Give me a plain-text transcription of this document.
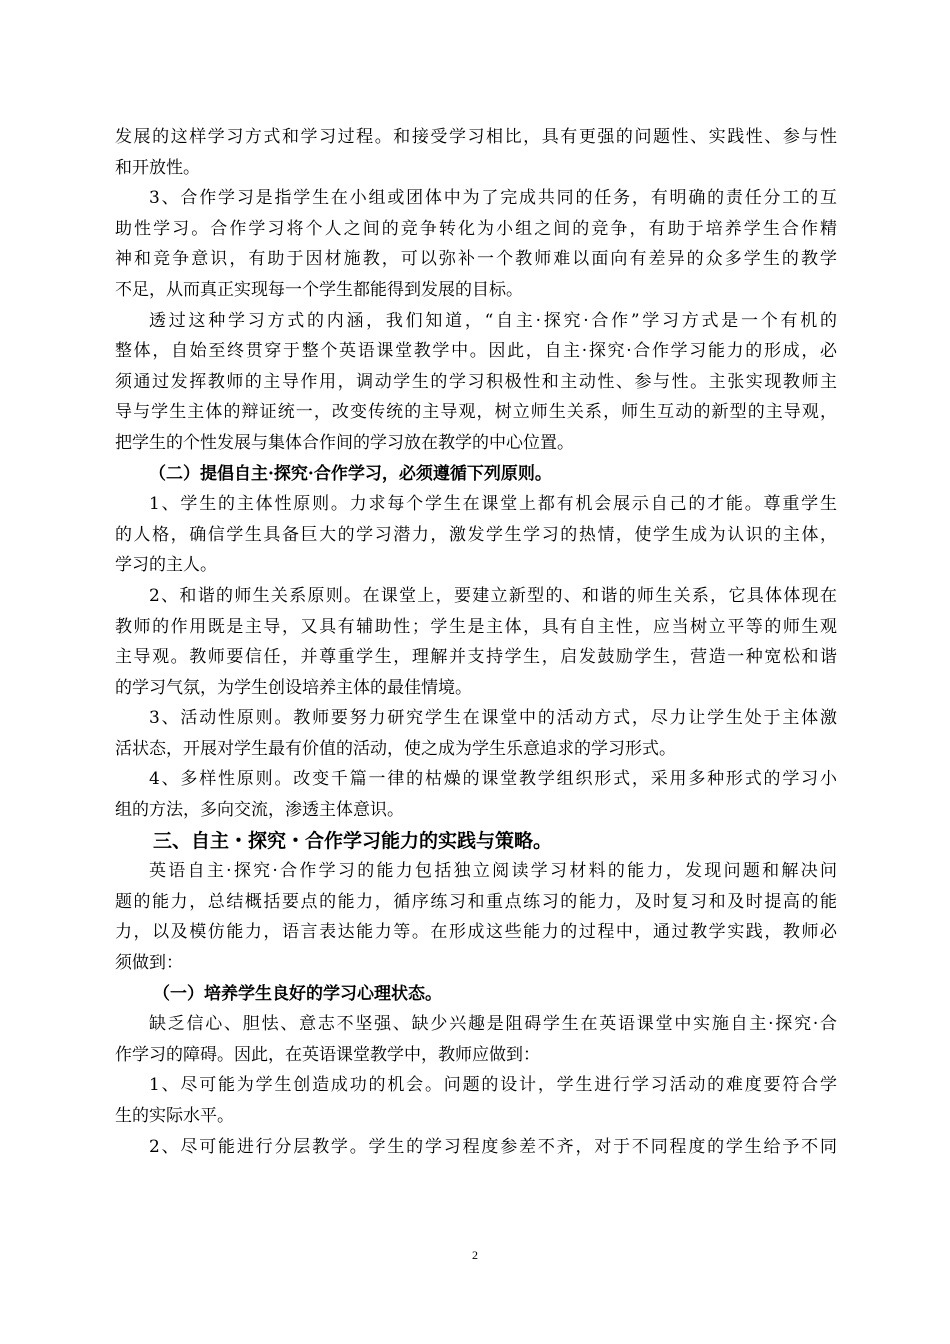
发展的这样学习方式和学习过程。和接受学习相比，具有更强的问题性、实践性、参与性
和开放性。
3、合作学习是指学生在小组或团体中为了完成共同的任务，有明确的责任分工的互
助性学习。合作学习将个人之间的竞争转化为小组之间的竞争，有助于培养学生合作精
神和竞争意识，有助于因材施教，可以弥补一个教师难以面向有差异的众多学生的教学
不足，从而真正实现每一个学生都能得到发展的目标。
透过这种学习方式的内涵，我们知道，“自主·探究·合作”学习方式是一个有机的
整体，自始至终贯穿于整个英语课堂教学中。因此，自主·探究·合作学习能力的形成，必
须通过发挥教师的主导作用，调动学生的学习积极性和主动性、参与性。主张实现教师主
导与学生主体的辩证统一，改变传统的主导观，树立师生关系，师生互动的新型的主导观，
把学生的个性发展与集体合作间的学习放在教学的中心位置。
（二）提倡自主·探究·合作学习，必须遵循下列原则。
1、学生的主体性原则。力求每个学生在课堂上都有机会展示自己的才能。尊重学生
的人格，确信学生具备巨大的学习潜力，激发学生学习的热情，使学生成为认识的主体，
学习的主人。
2、和谐的师生关系原则。在课堂上，要建立新型的、和谐的师生关系，它具体体现在
教师的作用既是主导，又具有辅助性；学生是主体，具有自主性，应当树立平等的师生观
主导观。教师要信任，并尊重学生，理解并支持学生，启发鼓励学生，营造一种宽松和谐
的学习气氛，为学生创设培养主体的最佳情境。
3、活动性原则。教师要努力研究学生在课堂中的活动方式，尽力让学生处于主体激
活状态，开展对学生最有价值的活动，使之成为学生乐意追求的学习形式。
4、多样性原则。改变千篇一律的枯燥的课堂教学组织形式，采用多种形式的学习小
组的方法，多向交流，渗透主体意识。
三、自主・探究・合作学习能力的实践与策略。
英语自主·探究·合作学习的能力包括独立阅读学习材料的能力，发现问题和解决问
题的能力，总结概括要点的能力，循序练习和重点练习的能力，及时复习和及时提高的能
力，以及模仿能力，语言表达能力等。在形成这些能力的过程中，通过教学实践，教师必
须做到：
（一）培养学生良好的学习心理状态。
缺乏信心、胆怯、意志不坚强、缺少兴趣是阻碍学生在英语课堂中实施自主·探究·合
作学习的障碍。因此，在英语课堂教学中，教师应做到：
1、尽可能为学生创造成功的机会。问题的设计，学生进行学习活动的难度要符合学
生的实际水平。
2、尽可能进行分层教学。学生的学习程度参差不齐，对于不同程度的学生给予不同
2
